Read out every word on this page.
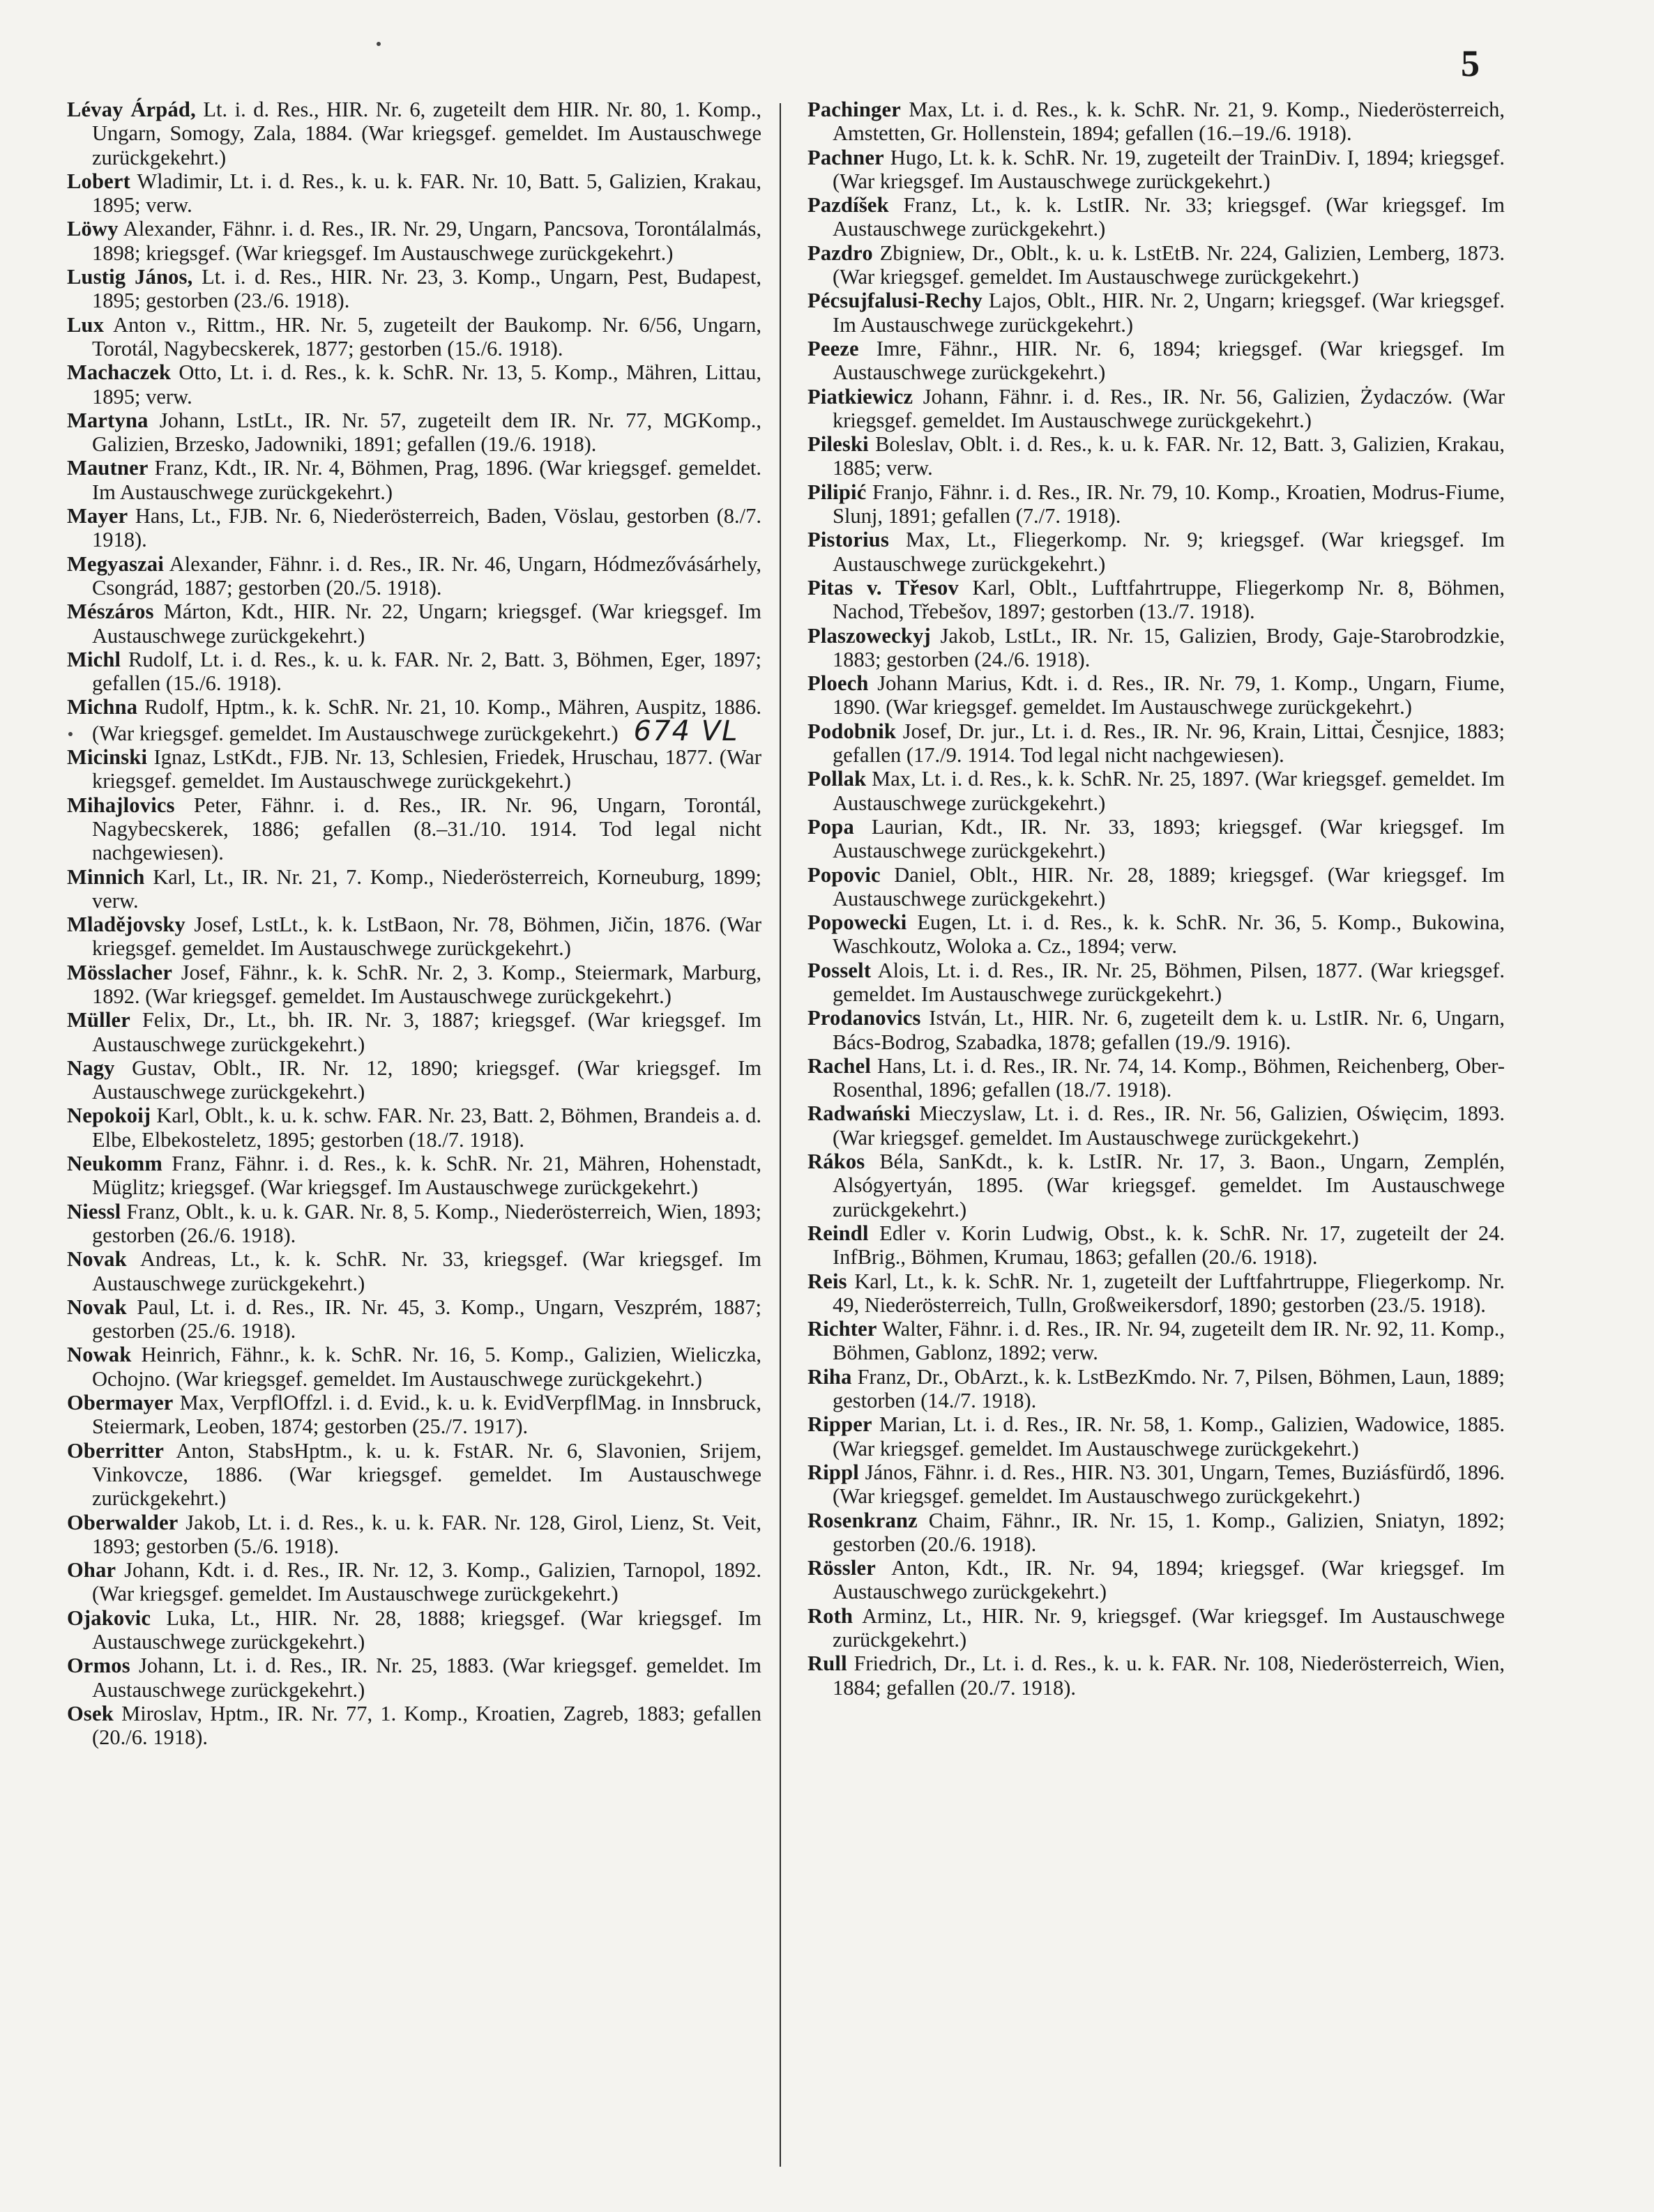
5

Lévay Árpád, Lt. i. d. Res., HIR. Nr. 6, zugeteilt dem HIR. Nr. 80, 1. Komp., Ungarn, Somogy, Zala, 1884. (War kriegsgef. gemeldet. Im Austauschwege zurückgekehrt.)

Lobert Wladimir, Lt. i. d. Res., k. u. k. FAR. Nr. 10, Batt. 5, Galizien, Krakau, 1895; verw.

Löwy Alexander, Fähnr. i. d. Res., IR. Nr. 29, Ungarn, Pancsova, Torontálalmás, 1898; kriegsgef. (War kriegsgef. Im Austauschwege zurückgekehrt.)

Lustig János, Lt. i. d. Res., HIR. Nr. 23, 3. Komp., Ungarn, Pest, Budapest, 1895; gestorben (23./6. 1918).

Lux Anton v., Rittm., HR. Nr. 5, zugeteilt der Baukomp. Nr. 6/56, Ungarn, Torotál, Nagybecskerek, 1877; gestorben (15./6. 1918).

Machaczek Otto, Lt. i. d. Res., k. k. SchR. Nr. 13, 5. Komp., Mähren, Littau, 1895; verw.

Martyna Johann, LstLt., IR. Nr. 57, zugeteilt dem IR. Nr. 77, MGKomp., Galizien, Brzesko, Jadowniki, 1891; gefallen (19./6. 1918).

Mautner Franz, Kdt., IR. Nr. 4, Böhmen, Prag, 1896. (War kriegsgef. gemeldet. Im Austauschwege zurückgekehrt.)

Mayer Hans, Lt., FJB. Nr. 6, Niederösterreich, Baden, Vöslau, gestorben (8./7. 1918).

Megyaszai Alexander, Fähnr. i. d. Res., IR. Nr. 46, Ungarn, Hódmezővásárhely, Csongrád, 1887; gestorben (20./5. 1918).

Mészáros Márton, Kdt., HIR. Nr. 22, Ungarn; kriegsgef. (War kriegsgef. Im Austauschwege zurückgekehrt.)

Michl Rudolf, Lt. i. d. Res., k. u. k. FAR. Nr. 2, Batt. 3, Böhmen, Eger, 1897; gefallen (15./6. 1918).

Michna Rudolf, Hptm., k. k. SchR. Nr. 21, 10. Komp., Mähren, Auspitz, 1886. (War kriegsgef. gemeldet. Im Austauschwege zurückgekehrt.) 674 VL

Micinski Ignaz, LstKdt., FJB. Nr. 13, Schlesien, Friedek, Hruschau, 1877. (War kriegsgef. gemeldet. Im Austauschwege zurückgekehrt.)

Mihajlovics Peter, Fähnr. i. d. Res., IR. Nr. 96, Ungarn, Torontál, Nagybecskerek, 1886; gefallen (8.–31./10. 1914. Tod legal nicht nachgewiesen).

Minnich Karl, Lt., IR. Nr. 21, 7. Komp., Niederösterreich, Korneuburg, 1899; verw.

Mladějovsky Josef, LstLt., k. k. LstBaon, Nr. 78, Böhmen, Jičin, 1876. (War kriegsgef. gemeldet. Im Austauschwege zurückgekehrt.)

Mösslacher Josef, Fähnr., k. k. SchR. Nr. 2, 3. Komp., Steiermark, Marburg, 1892. (War kriegsgef. gemeldet. Im Austauschwege zurückgekehrt.)

Müller Felix, Dr., Lt., bh. IR. Nr. 3, 1887; kriegsgef. (War kriegsgef. Im Austauschwege zurückgekehrt.)

Nagy Gustav, Oblt., IR. Nr. 12, 1890; kriegsgef. (War kriegsgef. Im Austauschwege zurückgekehrt.)

Nepokoij Karl, Oblt., k. u. k. schw. FAR. Nr. 23, Batt. 2, Böhmen, Brandeis a. d. Elbe, Elbekosteletz, 1895; gestorben (18./7. 1918).

Neukomm Franz, Fähnr. i. d. Res., k. k. SchR. Nr. 21, Mähren, Hohenstadt, Müglitz; kriegsgef. (War kriegsgef. Im Austauschwege zurückgekehrt.)

Niessl Franz, Oblt., k. u. k. GAR. Nr. 8, 5. Komp., Niederösterreich, Wien, 1893; gestorben (26./6. 1918).

Novak Andreas, Lt., k. k. SchR. Nr. 33, kriegsgef. (War kriegsgef. Im Austauschwege zurückgekehrt.)

Novak Paul, Lt. i. d. Res., IR. Nr. 45, 3. Komp., Ungarn, Veszprém, 1887; gestorben (25./6. 1918).

Nowak Heinrich, Fähnr., k. k. SchR. Nr. 16, 5. Komp., Galizien, Wieliczka, Ochojno. (War kriegsgef. gemeldet. Im Austauschwege zurückgekehrt.)

Obermayer Max, VerpflOffzl. i. d. Evid., k. u. k. EvidVerpflMag. in Innsbruck, Steiermark, Leoben, 1874; gestorben (25./7. 1917).

Oberritter Anton, StabsHptm., k. u. k. FstAR. Nr. 6, Slavonien, Srijem, Vinkovcze, 1886. (War kriegsgef. gemeldet. Im Austauschwege zurückgekehrt.)

Oberwalder Jakob, Lt. i. d. Res., k. u. k. FAR. Nr. 128, Girol, Lienz, St. Veit, 1893; gestorben (5./6. 1918).

Ohar Johann, Kdt. i. d. Res., IR. Nr. 12, 3. Komp., Galizien, Tarnopol, 1892. (War kriegsgef. gemeldet. Im Austauschwege zurückgekehrt.)

Ojakovic Luka, Lt., HIR. Nr. 28, 1888; kriegsgef. (War kriegsgef. Im Austauschwege zurückgekehrt.)

Ormos Johann, Lt. i. d. Res., IR. Nr. 25, 1883. (War kriegsgef. gemeldet. Im Austauschwege zurückgekehrt.)

Osek Miroslav, Hptm., IR. Nr. 77, 1. Komp., Kroatien, Zagreb, 1883; gefallen (20./6. 1918).

Pachinger Max, Lt. i. d. Res., k. k. SchR. Nr. 21, 9. Komp., Niederösterreich, Amstetten, Gr. Hollenstein, 1894; gefallen (16.–19./6. 1918).

Pachner Hugo, Lt. k. k. SchR. Nr. 19, zugeteilt der TrainDiv. I, 1894; kriegsgef. (War kriegsgef. Im Austauschwege zurückgekehrt.)

Pazdíšek Franz, Lt., k. k. LstIR. Nr. 33; kriegsgef. (War kriegsgef. Im Austauschwege zurückgekehrt.)

Pazdro Zbigniew, Dr., Oblt., k. u. k. LstEtB. Nr. 224, Galizien, Lemberg, 1873. (War kriegsgef. gemeldet. Im Austauschwege zurückgekehrt.)

Pécsujfalusi-Rechy Lajos, Oblt., HIR. Nr. 2, Ungarn; kriegsgef. (War kriegsgef. Im Austauschwege zurückgekehrt.)

Peeze Imre, Fähnr., HIR. Nr. 6, 1894; kriegsgef. (War kriegsgef. Im Austauschwege zurückgekehrt.)

Piatkiewicz Johann, Fähnr. i. d. Res., IR. Nr. 56, Galizien, Żydaczów. (War kriegsgef. gemeldet. Im Austauschwege zurückgekehrt.)

Pileski Boleslav, Oblt. i. d. Res., k. u. k. FAR. Nr. 12, Batt. 3, Galizien, Krakau, 1885; verw.

Pilipić Franjo, Fähnr. i. d. Res., IR. Nr. 79, 10. Komp., Kroatien, Modrus-Fiume, Slunj, 1891; gefallen (7./7. 1918).

Pistorius Max, Lt., Fliegerkomp. Nr. 9; kriegsgef. (War kriegsgef. Im Austauschwege zurückgekehrt.)

Pitas v. Třesov Karl, Oblt., Luftfahrtruppe, Fliegerkomp Nr. 8, Böhmen, Nachod, Třebešov, 1897; gestorben (13./7. 1918).

Plaszoweckyj Jakob, LstLt., IR. Nr. 15, Galizien, Brody, Gaje-Starobrodzkie, 1883; gestorben (24./6. 1918).

Ploech Johann Marius, Kdt. i. d. Res., IR. Nr. 79, 1. Komp., Ungarn, Fiume, 1890. (War kriegsgef. gemeldet. Im Austauschwege zurückgekehrt.)

Podobnik Josef, Dr. jur., Lt. i. d. Res., IR. Nr. 96, Krain, Littai, Česnjice, 1883; gefallen (17./9. 1914. Tod legal nicht nachgewiesen).

Pollak Max, Lt. i. d. Res., k. k. SchR. Nr. 25, 1897. (War kriegsgef. gemeldet. Im Austauschwege zurückgekehrt.)

Popa Laurian, Kdt., IR. Nr. 33, 1893; kriegsgef. (War kriegsgef. Im Austauschwege zurückgekehrt.)

Popovic Daniel, Oblt., HIR. Nr. 28, 1889; kriegsgef. (War kriegsgef. Im Austauschwege zurückgekehrt.)

Popowecki Eugen, Lt. i. d. Res., k. k. SchR. Nr. 36, 5. Komp., Bukowina, Waschkoutz, Woloka a. Cz., 1894; verw.

Posselt Alois, Lt. i. d. Res., IR. Nr. 25, Böhmen, Pilsen, 1877. (War kriegsgef. gemeldet. Im Austauschwege zurückgekehrt.)

Prodanovics István, Lt., HIR. Nr. 6, zugeteilt dem k. u. LstIR. Nr. 6, Ungarn, Bács-Bodrog, Szabadka, 1878; gefallen (19./9. 1916).

Rachel Hans, Lt. i. d. Res., IR. Nr. 74, 14. Komp., Böhmen, Reichenberg, Ober-Rosenthal, 1896; gefallen (18./7. 1918).

Radwański Mieczyslaw, Lt. i. d. Res., IR. Nr. 56, Galizien, Oświęcim, 1893. (War kriegsgef. gemeldet. Im Austauschwege zurückgekehrt.)

Rákos Béla, SanKdt., k. k. LstIR. Nr. 17, 3. Baon., Ungarn, Zemplén, Alsógyertyán, 1895. (War kriegsgef. gemeldet. Im Austauschwege zurückgekehrt.)

Reindl Edler v. Korin Ludwig, Obst., k. k. SchR. Nr. 17, zugeteilt der 24. InfBrig., Böhmen, Krumau, 1863; gefallen (20./6. 1918).

Reis Karl, Lt., k. k. SchR. Nr. 1, zugeteilt der Luftfahrtruppe, Fliegerkomp. Nr. 49, Niederösterreich, Tulln, Großweikersdorf, 1890; gestorben (23./5. 1918).

Richter Walter, Fähnr. i. d. Res., IR. Nr. 94, zugeteilt dem IR. Nr. 92, 11. Komp., Böhmen, Gablonz, 1892; verw.

Riha Franz, Dr., ObArzt., k. k. LstBezKmdo. Nr. 7, Pilsen, Böhmen, Laun, 1889; gestorben (14./7. 1918).

Ripper Marian, Lt. i. d. Res., IR. Nr. 58, 1. Komp., Galizien, Wadowice, 1885. (War kriegsgef. gemeldet. Im Austauschwege zurückgekehrt.)

Rippl János, Fähnr. i. d. Res., HIR. N3. 301, Ungarn, Temes, Buziásfürdő, 1896. (War kriegsgef. gemeldet. Im Austauschwego zurückgekehrt.)

Rosenkranz Chaim, Fähnr., IR. Nr. 15, 1. Komp., Galizien, Sniatyn, 1892; gestorben (20./6. 1918).

Rössler Anton, Kdt., IR. Nr. 94, 1894; kriegsgef. (War kriegsgef. Im Austauschwego zurückgekehrt.)

Roth Arminz, Lt., HIR. Nr. 9, kriegsgef. (War kriegsgef. Im Austauschwege zurückgekehrt.)

Rull Friedrich, Dr., Lt. i. d. Res., k. u. k. FAR. Nr. 108, Niederösterreich, Wien, 1884; gefallen (20./7. 1918).
